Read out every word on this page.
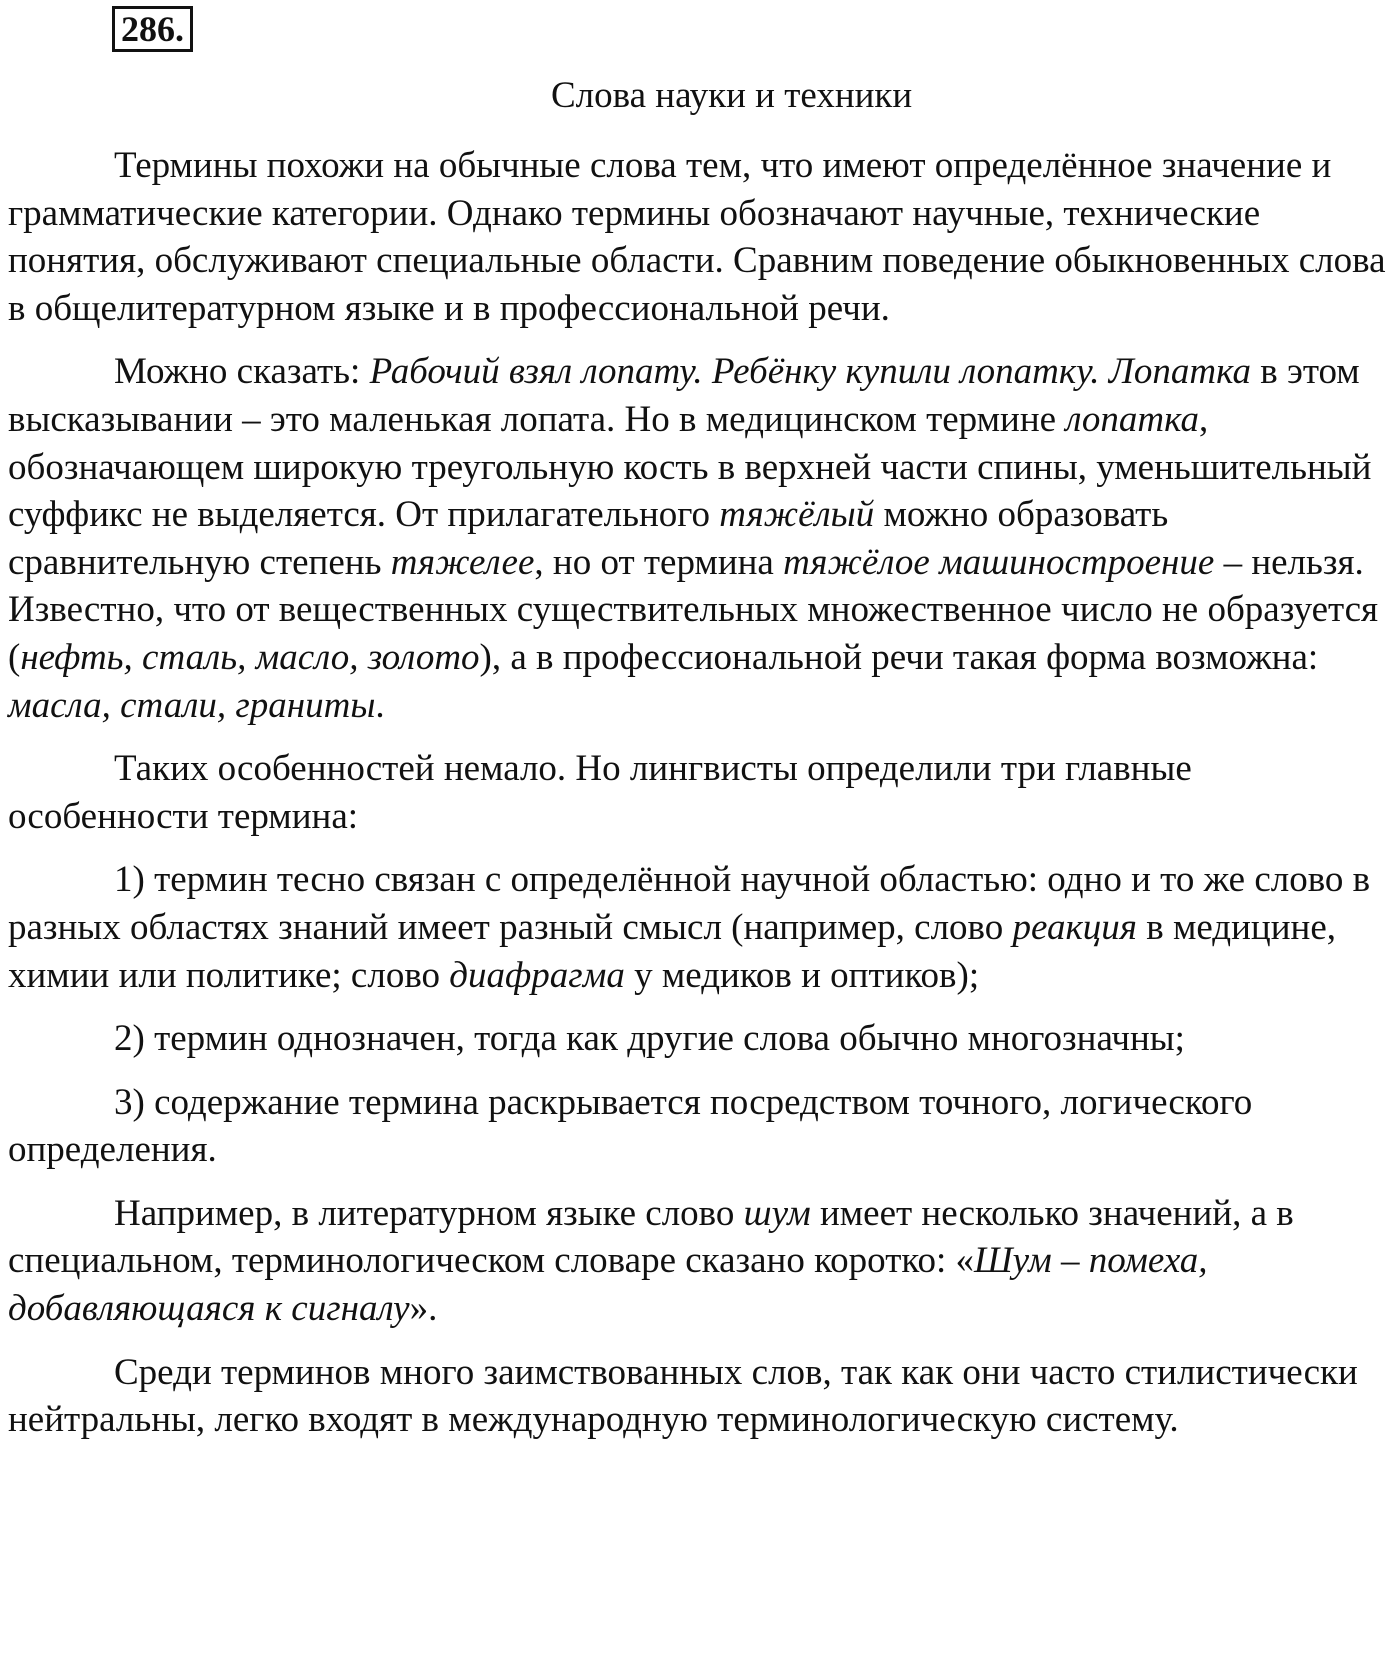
286.
Слова науки и техники

Термины похожи на обычные слова тем, что имеют определённое значение и грамматические категории. Однако термины обозначают научные, технические понятия, обслуживают специальные области. Сравним поведение обыкновенных слова в общелитературном языке и в профессиональной речи.

Можно сказать: Рабочий взял лопату. Ребёнку купили лопатку. Лопатка в этом высказывании – это маленькая лопата. Но в медицинском термине лопатка, обозначающем широкую треугольную кость в верхней части спины, уменьшительный суффикс не выделяется. От прилагательного тяжёлый можно образовать сравнительную степень тяжелее, но от термина тяжёлое машиностроение – нельзя. Известно, что от вещественных существительных множественное число не образуется (нефть, сталь, масло, золото), а в профессиональной речи такая форма возможна: масла, стали, граниты.

Таких особенностей немало. Но лингвисты определили три главные особенности термина:

1) термин тесно связан с определённой научной областью: одно и то же слово в разных областях знаний имеет разный смысл (например, слово реакция в медицине, химии или политике; слово диафрагма у медиков и оптиков);

2) термин однозначен, тогда как другие слова обычно многозначны;

3) содержание термина раскрывается посредством точного, логического определения.

Например, в литературном языке слово шум имеет несколько значений, а в специальном, терминологическом словаре сказано коротко: «Шум – помеха, добавляющаяся к сигналу».

Среди терминов много заимствованных слов, так как они часто стилистически нейтральны, легко входят в международную терминологическую систему.
